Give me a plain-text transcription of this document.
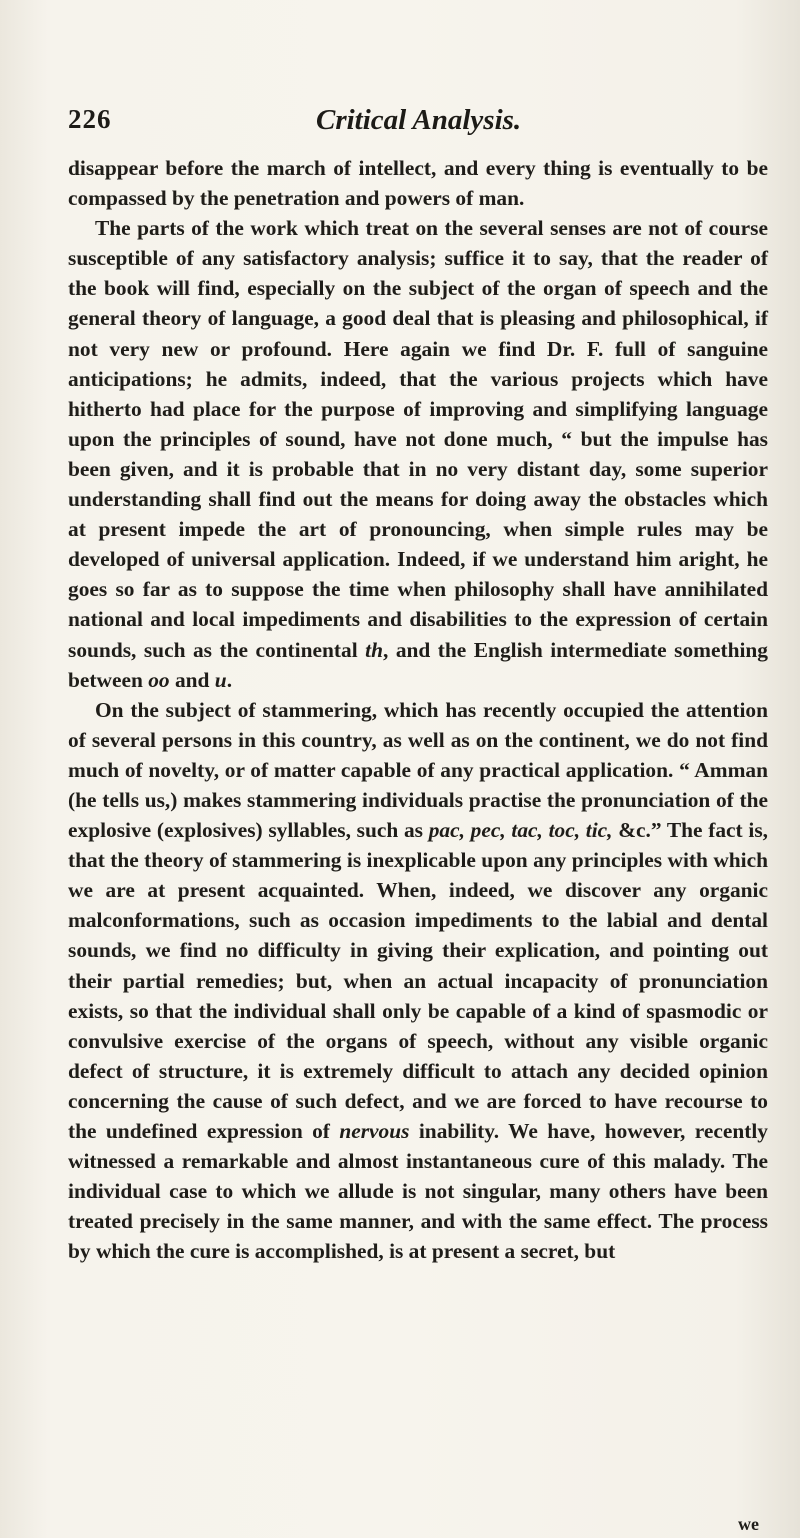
226	Critical Analysis.

disappear before the march of intellect, and every thing is eventually to be compassed by the penetration and powers of man.

The parts of the work which treat on the several senses are not of course susceptible of any satisfactory analysis; suffice it to say, that the reader of the book will find, especially on the subject of the organ of speech and the general theory of language, a good deal that is pleasing and philosophical, if not very new or profound. Here again we find Dr. F. full of sanguine anticipations; he admits, indeed, that the various projects which have hitherto had place for the purpose of improving and simplifying language upon the principles of sound, have not done much, “ but the impulse has been given, and it is probable that in no very distant day, some superior understanding shall find out the means for doing away the obstacles which at present impede the art of pronouncing, when simple rules may be developed of universal application. Indeed, if we understand him aright, he goes so far as to suppose the time when philosophy shall have annihilated national and local impediments and disabilities to the expression of certain sounds, such as the continental th, and the English intermediate something between oo and u.

On the subject of stammering, which has recently occupied the attention of several persons in this country, as well as on the continent, we do not find much of novelty, or of matter capable of any practical application. “ Amman (he tells us,) makes stammering individuals practise the pronunciation of the explosive (explosives) syllables, such as pac, pec, tac, toc, tic, &c.” The fact is, that the theory of stammering is inexplicable upon any principles with which we are at present acquainted. When, indeed, we discover any organic malconformations, such as occasion impediments to the labial and dental sounds, we find no difficulty in giving their explication, and pointing out their partial remedies; but, when an actual incapacity of pronunciation exists, so that the individual shall only be capable of a kind of spasmodic or convulsive exercise of the organs of speech, without any visible organic defect of structure, it is extremely difficult to attach any decided opinion concerning the cause of such defect, and we are forced to have recourse to the undefined expression of nervous inability. We have, however, recently witnessed a remarkable and almost instantaneous cure of this malady. The individual case to which we allude is not singular, many others have been treated precisely in the same manner, and with the same effect. The process by which the cure is accomplished, is at present a secret, but

we
